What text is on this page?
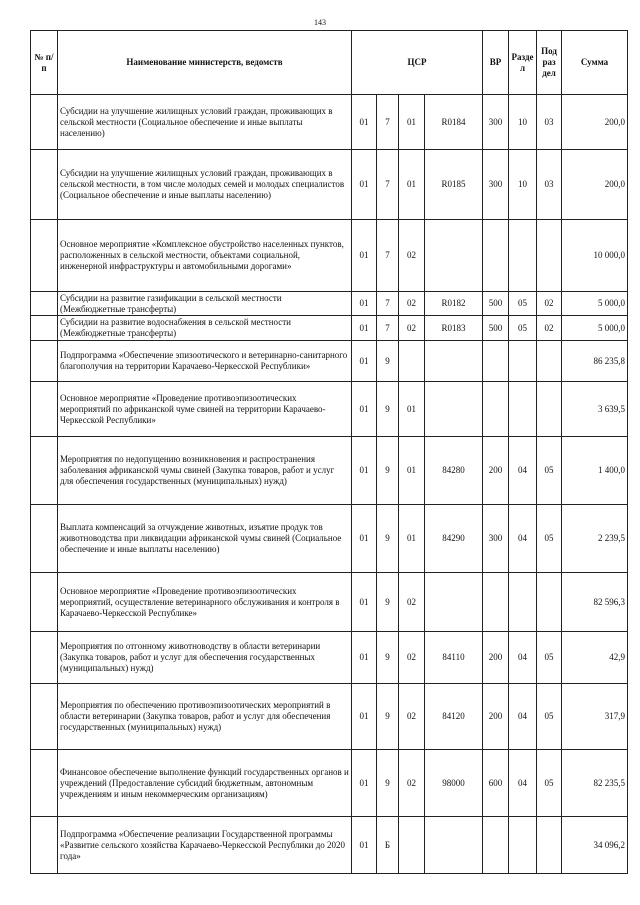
143
№ п/п	Наименование министерств, ведомств	ЦСР				ВР	Разде л	Под раз дел	Сумма
	Субсидии на улучшение жилищных условий граждан, проживающих в сельской местности (Социальное обеспечение и иные выплаты населению)	01	7	01	R0184	300	10	03	200,0
	Субсидии на улучшение жилищных условий граждан, проживающих в сельской местности, в том числе молодых семей и молодых специалистов (Социальное обеспечение и иные выплаты населению)	01	7	01	R0185	300	10	03	200,0
	Основное мероприятие «Комплексное обустройство населенных пунктов, расположенных в сельской местности, объектами социальной, инженерной инфраструктуры и автомобильными дорогами»	01	7	02					10 000,0
	Субсидии на развитие газификации в сельской местности (Межбюджетные трансферты)	01	7	02	R0182	500	05	02	5 000,0
	Субсидии на развитие водоснабжения в сельской местности (Межбюджетные трансферты)	01	7	02	R0183	500	05	02	5 000,0
	Подпрограмма «Обеспечение эпизоотического и ветеринарно-санитарного благополучия на территории Карачаево-Черкесской Республики»	01	9						86 235,8
	Основное мероприятие «Проведение противоэпизоотических мероприятий по африканской чуме свиней на территории Карачаево-Черкесской Республики»	01	9	01					3 639,5
	Мероприятия по недопущению возникновения и распространения заболевания африканской чумы свиней (Закупка товаров, работ и услуг для обеспечения государственных (муниципальных) нужд)	01	9	01	84280	200	04	05	1 400,0
	Выплата компенсаций за отчуждение животных, изъятие продук тов животноводства при ликвидации африканской чумы свиней (Социальное обеспечение и иные выплаты населению)	01	9	01	84290	300	04	05	2 239,5
	Основное мероприятие «Проведение противоэпизоотических мероприятий, осуществление ветеринарного обслуживания и контроля в Карачаево-Черкесской Республике»	01	9	02					82 596,3
	Мероприятия по отгонному животноводству в области ветеринарии (Закупка товаров, работ и услуг для обеспечения государственных (муниципальных) нужд)	01	9	02	84110	200	04	05	42,9
	Мероприятия по обеспечению противоэпизоотических мероприятий в области ветеринарии (Закупка товаров, работ и услуг для обеспечения государственных (муниципальных) нужд)	01	9	02	84120	200	04	05	317,9
	Финансовое обеспечение выполнение функций государственных органов и учреждений (Предоставление субсидий бюджетным, автономным учреждениям и иным некоммерческим организациям)	01	9	02	98000	600	04	05	82 235,5
	Подпрограмма «Обеспечение реализации Государственной программы «Развитие сельского хозяйства Карачаево-Черкесской Республики до 2020 года»	01	Б						34 096,2
